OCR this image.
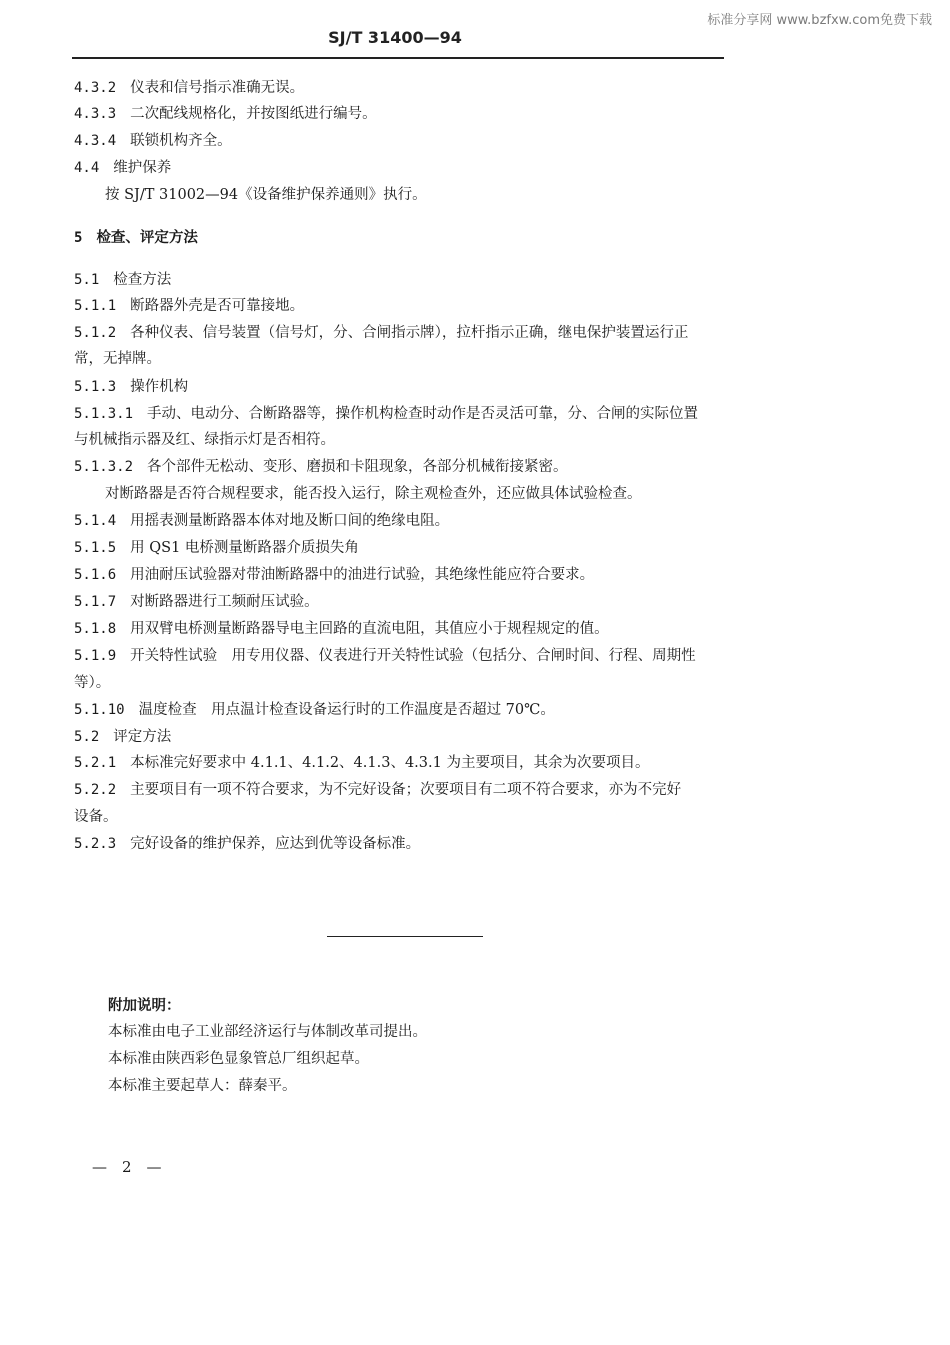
标准分享网 www.bzfxw.com免费下载
SJ/T 31400—94
4.3.2 仪表和信号指示准确无误。
4.3.3 二次配线规格化，并按图纸进行编号。
4.3.4 联锁机构齐全。
4.4 维护保养
按 SJ/T 31002—94《设备维护保养通则》执行。
5 检查、评定方法
5.1 检查方法
5.1.1 断路器外壳是否可靠接地。
5.1.2 各种仪表、信号装置（信号灯，分、合闸指示牌），拉杆指示正确，继电保护装置运行正
常，无掉牌。
5.1.3 操作机构
5.1.3.1 手动、电动分、合断路器等，操作机构检查时动作是否灵活可靠，分、合闸的实际位置
与机械指示器及红、绿指示灯是否相符。
5.1.3.2 各个部件无松动、变形、磨损和卡阻现象，各部分机械衔接紧密。
对断路器是否符合规程要求，能否投入运行，除主观检查外，还应做具体试验检查。
5.1.4 用摇表测量断路器本体对地及断口间的绝缘电阻。
5.1.5 用 QS1 电桥测量断路器介质损失角
5.1.6 用油耐压试验器对带油断路器中的油进行试验，其绝缘性能应符合要求。
5.1.7 对断路器进行工频耐压试验。
5.1.8 用双臂电桥测量断路器导电主回路的直流电阻，其值应小于规程规定的值。
5.1.9 开关特性试验　用专用仪器、仪表进行开关特性试验（包括分、合闸时间、行程、周期性
等）。
5.1.10 温度检查　用点温计检查设备运行时的工作温度是否超过 70℃。
5.2 评定方法
5.2.1 本标准完好要求中 4.1.1、4.1.2、4.1.3、4.3.1 为主要项目，其余为次要项目。
5.2.2 主要项目有一项不符合要求，为不完好设备；次要项目有二项不符合要求，亦为不完好
设备。
5.2.3 完好设备的维护保养，应达到优等设备标准。
附加说明：
本标准由电子工业部经济运行与体制改革司提出。
本标准由陕西彩色显象管总厂组织起草。
本标准主要起草人：薛秦平。
—　2　—
